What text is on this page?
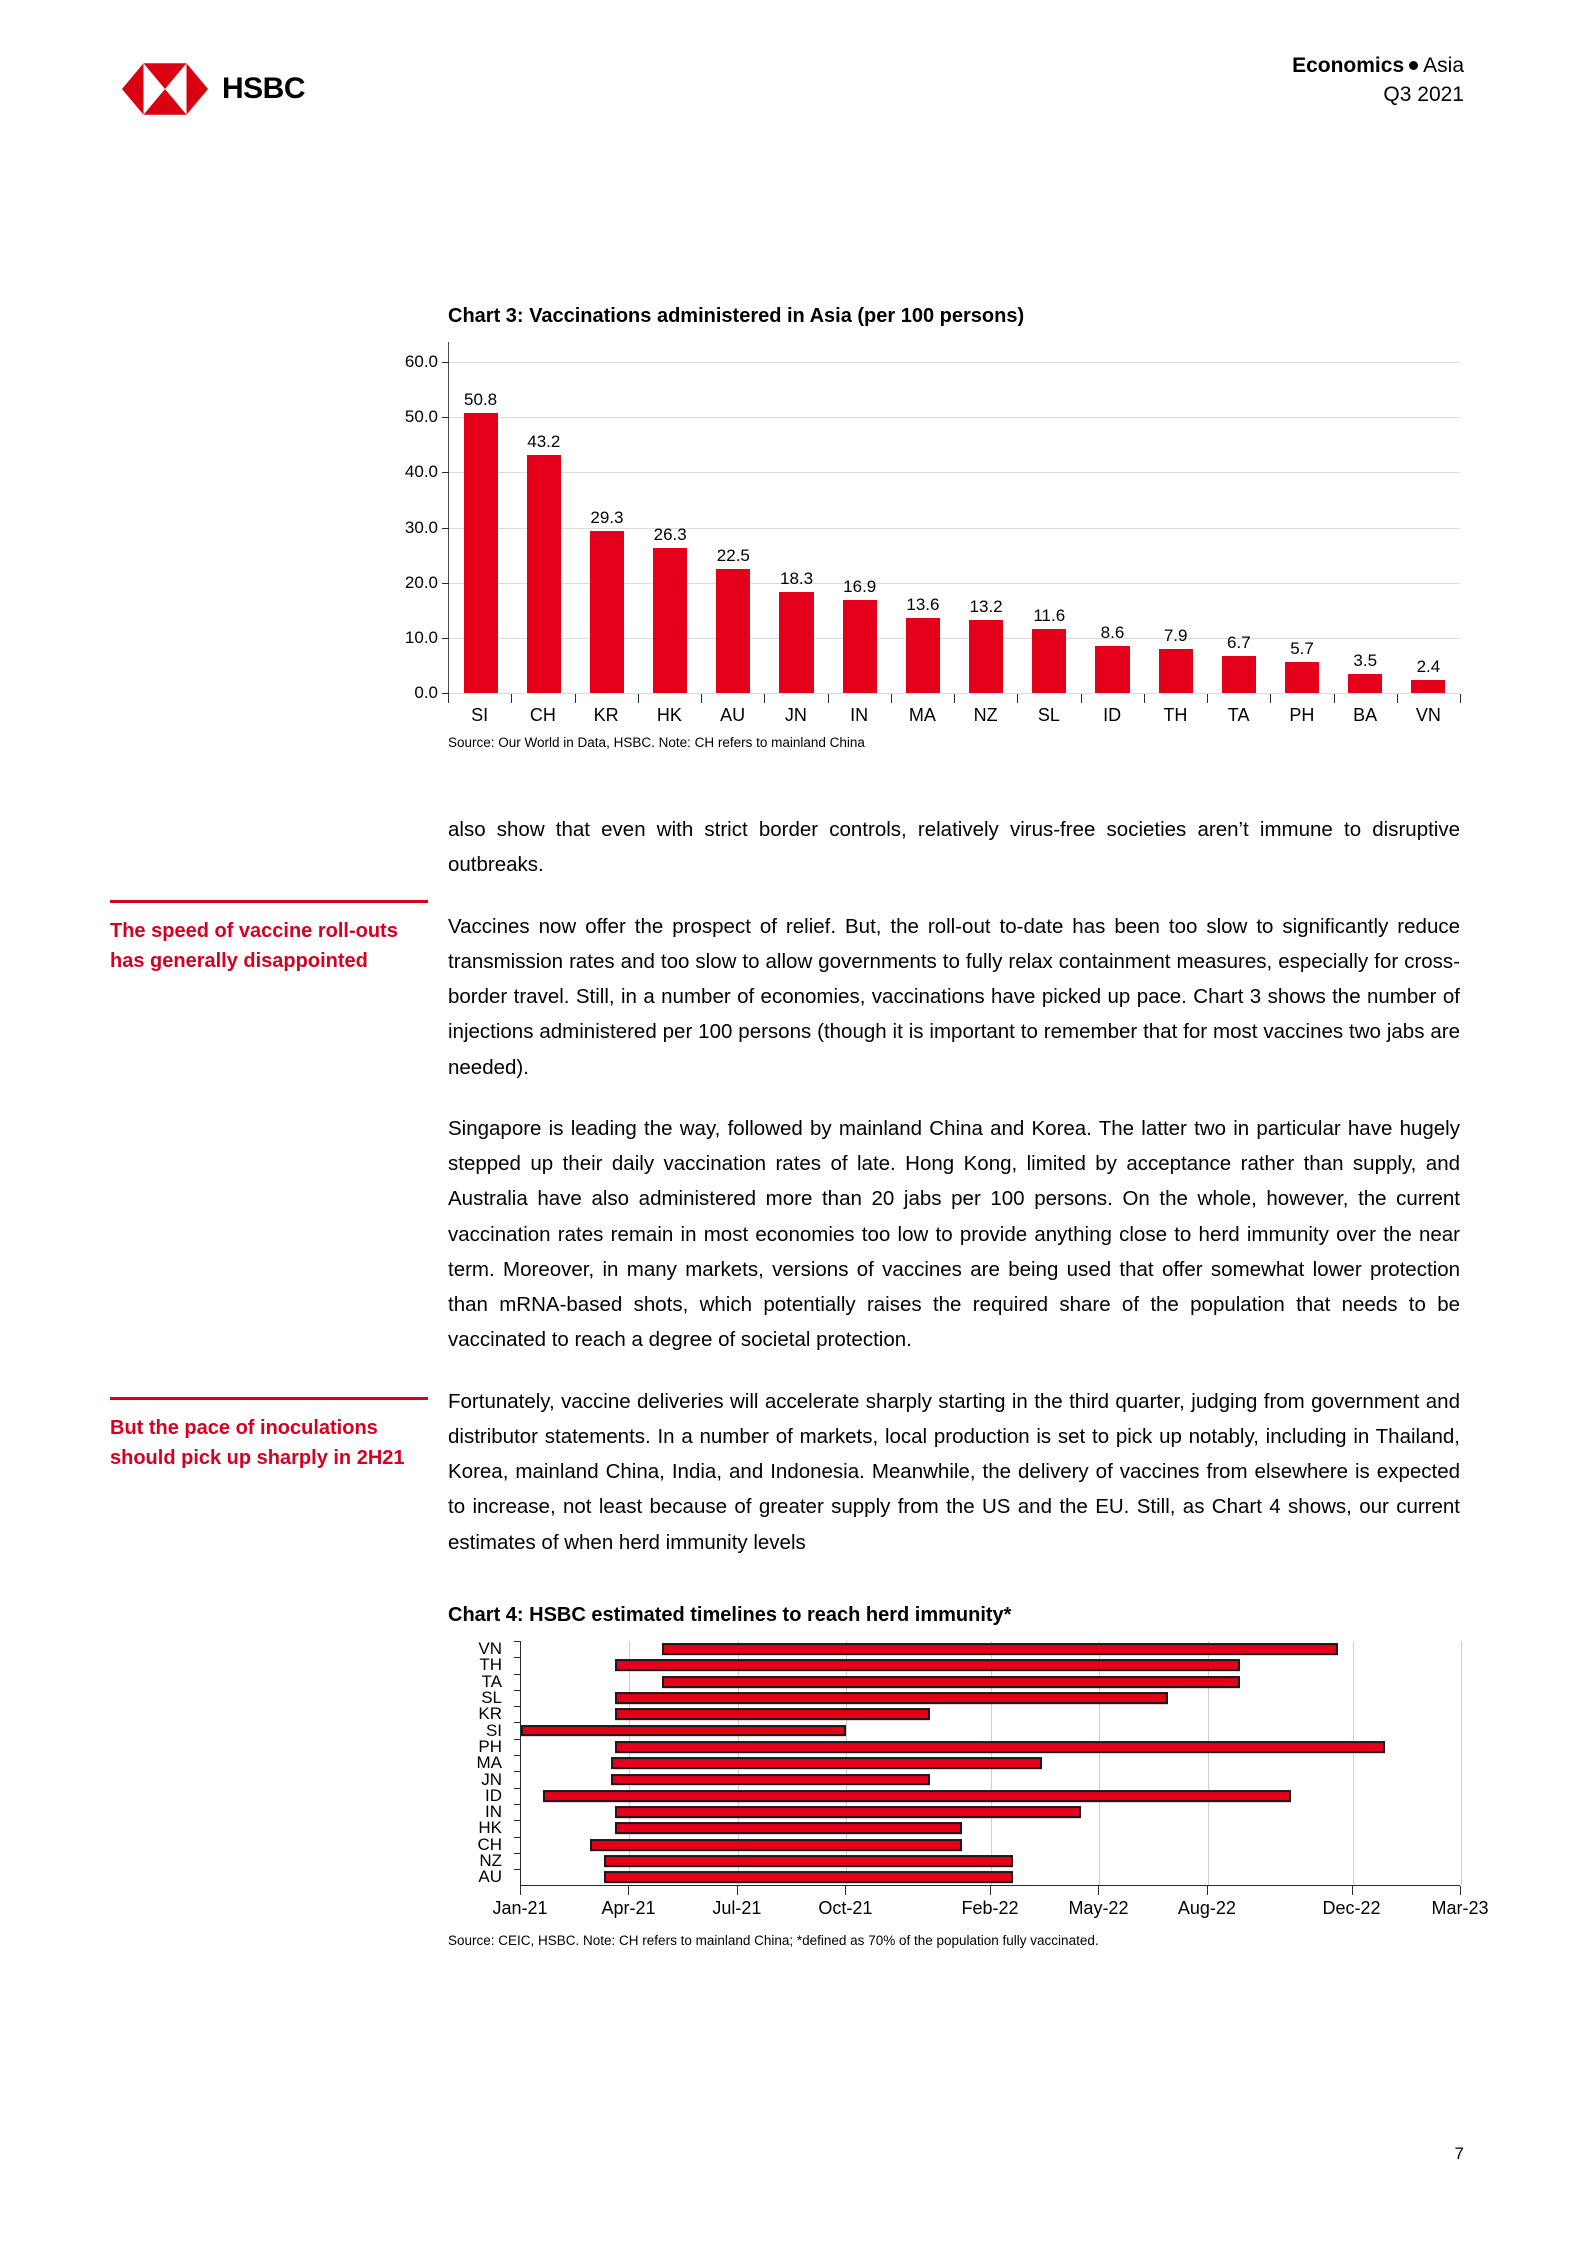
HSBC
Economics Asia
Q3 2021
Chart 3: Vaccinations administered in Asia (per 100 persons)
0.0
10.0
20.0
30.0
40.0
50.0
60.0
50.8
43.2
29.3
26.3
22.5
18.3 16.9
13.6 13.2 11.6
8.6 7.9 6.7 5.7
3.5 2.4
SI	CH	KR	HK	AU	JN	IN	MA	NZ	SL	ID	TH	TA	PH	BA	VN
Source: Our World in Data, HSBC. Note: CH refers to mainland China
The speed of vaccine roll-outs has generally disappointed
But the pace of inoculations should pick up sharply in 2H21

also show that even with strict border controls, relatively virus-free societies aren’t immune to disruptive outbreaks.

Vaccines now offer the prospect of relief. But, the roll-out to-date has been too slow to significantly reduce transmission rates and too slow to allow governments to fully relax containment measures, especially for cross-border travel. Still, in a number of economies, vaccinations have picked up pace. Chart 3 shows the number of injections administered per 100 persons (though it is important to remember that for most vaccines two jabs are needed).

Singapore is leading the way, followed by mainland China and Korea. The latter two in particular have hugely stepped up their daily vaccination rates of late. Hong Kong, limited by acceptance rather than supply, and Australia have also administered more than 20 jabs per 100 persons. On the whole, however, the current vaccination rates remain in most economies too low to provide anything close to herd immunity over the near term. Moreover, in many markets, versions of vaccines are being used that offer somewhat lower protection than mRNA-based shots, which potentially raises the required share of the population that needs to be vaccinated to reach a degree of societal protection.

Fortunately, vaccine deliveries will accelerate sharply starting in the third quarter, judging from government and distributor statements. In a number of markets, local production is set to pick up notably, including in Thailand, Korea, mainland China, India, and Indonesia. Meanwhile, the delivery of vaccines from elsewhere is expected to increase, not least because of greater supply from the US and the EU. Still, as Chart 4 shows, our current estimates of when herd immunity levels

Chart 4: HSBC estimated timelines to reach herd immunity*
VN
TH
TA
SL
KR
SI
PH
MA
JN
ID
IN
HK
CH
NZ
AU
Jan-21	Apr-21	Jul-21	Oct-21	Feb-22	May-22	Aug-22	Dec-22	Mar-23
Source: CEIC, HSBC. Note: CH refers to mainland China; *defined as 70% of the population fully vaccinated.
7
